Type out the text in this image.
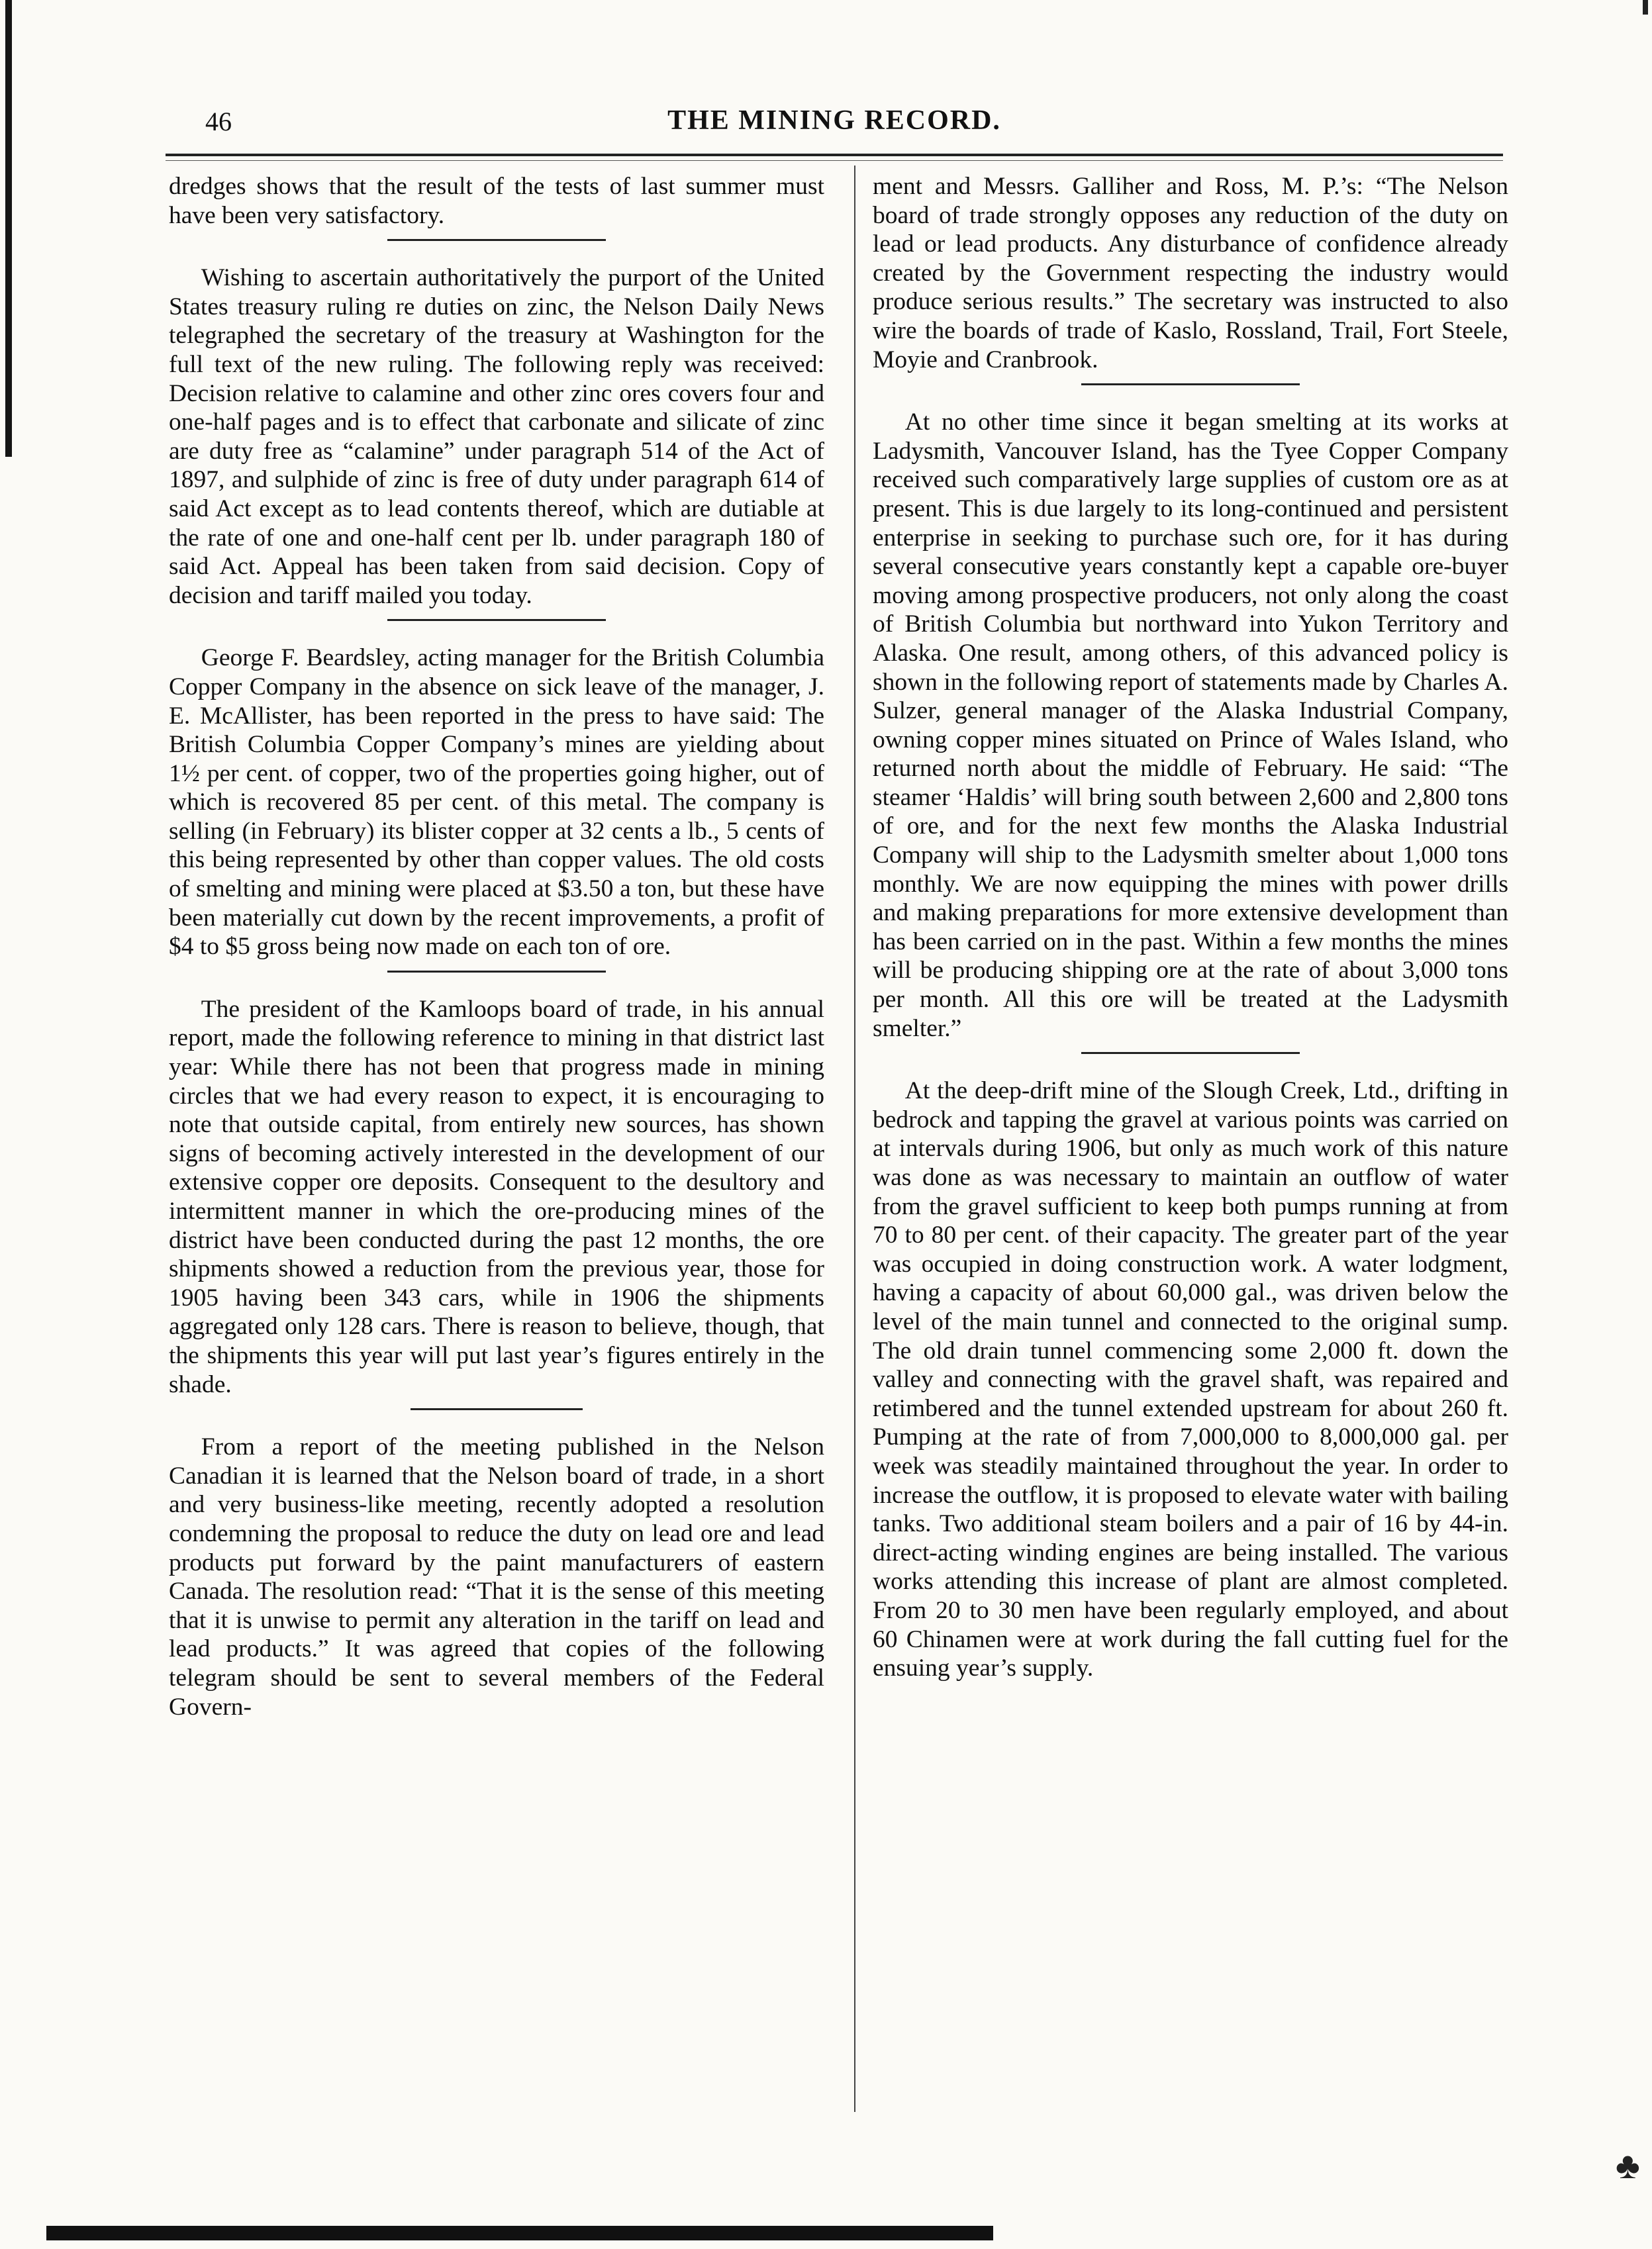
46	THE MINING RECORD.

dredges shows that the result of the tests of last summer must have been very satisfactory.

Wishing to ascertain authoritatively the purport of the United States treasury ruling re duties on zinc, the Nelson Daily News telegraphed the secretary of the treasury at Washington for the full text of the new ruling. The following reply was received: Decision relative to calamine and other zinc ores covers four and one-half pages and is to effect that carbonate and silicate of zinc are duty free as “calamine” under paragraph 514 of the Act of 1897, and sulphide of zinc is free of duty under paragraph 614 of said Act except as to lead contents thereof, which are dutiable at the rate of one and one-half cent per lb. under paragraph 180 of said Act. Appeal has been taken from said decision. Copy of decision and tariff mailed you today.

George F. Beardsley, acting manager for the British Columbia Copper Company in the absence on sick leave of the manager, J. E. McAllister, has been reported in the press to have said: The British Columbia Copper Company’s mines are yielding about 1½ per cent. of copper, two of the properties going higher, out of which is recovered 85 per cent. of this metal. The company is selling (in February) its blister copper at 32 cents a lb., 5 cents of this being represented by other than copper values. The old costs of smelting and mining were placed at $3.50 a ton, but these have been materially cut down by the recent improvements, a profit of $4 to $5 gross being now made on each ton of ore.

The president of the Kamloops board of trade, in his annual report, made the following reference to mining in that district last year: While there has not been that progress made in mining circles that we had every reason to expect, it is encouraging to note that outside capital, from entirely new sources, has shown signs of becoming actively interested in the development of our extensive copper ore deposits. Consequent to the desultory and intermittent manner in which the ore-producing mines of the district have been conducted during the past 12 months, the ore shipments showed a reduction from the previous year, those for 1905 having been 343 cars, while in 1906 the shipments aggregated only 128 cars. There is reason to believe, though, that the shipments this year will put last year’s figures entirely in the shade.

From a report of the meeting published in the Nelson Canadian it is learned that the Nelson board of trade, in a short and very business-like meeting, recently adopted a resolution condemning the proposal to reduce the duty on lead ore and lead products put forward by the paint manufacturers of eastern Canada. The resolution read: “That it is the sense of this meeting that it is unwise to permit any alteration in the tariff on lead and lead products.” It was agreed that copies of the following telegram should be sent to several members of the Federal Govern-

ment and Messrs. Galliher and Ross, M. P.’s: “The Nelson board of trade strongly opposes any reduction of the duty on lead or lead products. Any disturbance of confidence already created by the Government respecting the industry would produce serious results.” The secretary was instructed to also wire the boards of trade of Kaslo, Rossland, Trail, Fort Steele, Moyie and Cranbrook.

At no other time since it began smelting at its works at Ladysmith, Vancouver Island, has the Tyee Copper Company received such comparatively large supplies of custom ore as at present. This is due largely to its long-continued and persistent enterprise in seeking to purchase such ore, for it has during several consecutive years constantly kept a capable ore-buyer moving among prospective producers, not only along the coast of British Columbia but northward into Yukon Territory and Alaska. One result, among others, of this advanced policy is shown in the following report of statements made by Charles A. Sulzer, general manager of the Alaska Industrial Company, owning copper mines situated on Prince of Wales Island, who returned north about the middle of February. He said: “The steamer ‘Haldis’ will bring south between 2,600 and 2,800 tons of ore, and for the next few months the Alaska Industrial Company will ship to the Ladysmith smelter about 1,000 tons monthly. We are now equipping the mines with power drills and making preparations for more extensive development than has been carried on in the past. Within a few months the mines will be producing shipping ore at the rate of about 3,000 tons per month. All this ore will be treated at the Ladysmith smelter.”

At the deep-drift mine of the Slough Creek, Ltd., drifting in bedrock and tapping the gravel at various points was carried on at intervals during 1906, but only as much work of this nature was done as was necessary to maintain an outflow of water from the gravel sufficient to keep both pumps running at from 70 to 80 per cent. of their capacity. The greater part of the year was occupied in doing construction work. A water lodgment, having a capacity of about 60,000 gal., was driven below the level of the main tunnel and connected to the original sump. The old drain tunnel commencing some 2,000 ft. down the valley and connecting with the gravel shaft, was repaired and retimbered and the tunnel extended upstream for about 260 ft. Pumping at the rate of from 7,000,000 to 8,000,000 gal. per week was steadily maintained throughout the year. In order to increase the outflow, it is proposed to elevate water with bailing tanks. Two additional steam boilers and a pair of 16 by 44-in. direct-acting winding engines are being installed. The various works attending this increase of plant are almost completed. From 20 to 30 men have been regularly employed, and about 60 Chinamen were at work during the fall cutting fuel for the ensuing year’s supply.

♣
